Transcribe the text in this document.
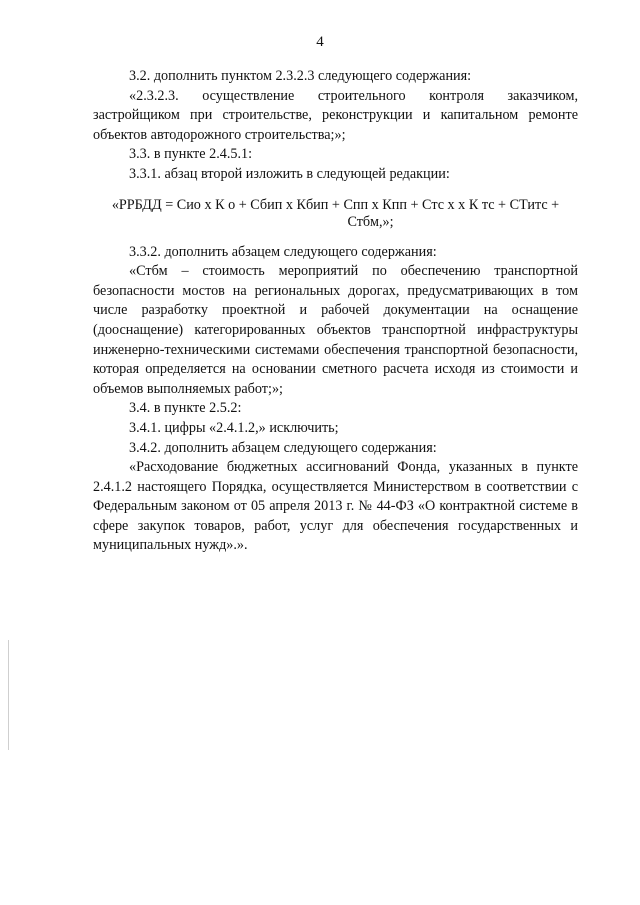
4

3.2. дополнить пунктом 2.3.2.3 следующего содержания:

«2.3.2.3. осуществление строительного контроля заказчиком, застройщиком при строительстве, реконструкции и капитальном ремонте объектов автодорожного строительства;»;

3.3. в пункте 2.4.5.1:

3.3.1. абзац второй изложить в следующей редакции:

«РРБДД = Сио х К о + Сбип х Кбип + Спп х Кпп + Стс х х К тс + СТитс +
Стбм,»;

3.3.2. дополнить абзацем следующего содержания:

«Стбм – стоимость мероприятий по обеспечению транспортной безопасности мостов на региональных дорогах, предусматривающих в том числе разработку проектной и рабочей документации на оснащение (дооснащение) категорированных объектов транспортной инфраструктуры инженерно-техническими системами обеспечения транспортной безопасности, которая определяется на основании сметного расчета исходя из стоимости и объемов выполняемых работ;»;

3.4. в пункте 2.5.2:

3.4.1. цифры «2.4.1.2,» исключить;

3.4.2. дополнить абзацем следующего содержания:

«Расходование бюджетных ассигнований Фонда, указанных в пункте 2.4.1.2 настоящего Порядка, осуществляется Министерством в соответствии с Федеральным законом от 05 апреля 2013 г. № 44-ФЗ «О контрактной системе в сфере закупок товаров, работ, услуг для обеспечения государственных и муниципальных нужд».».
